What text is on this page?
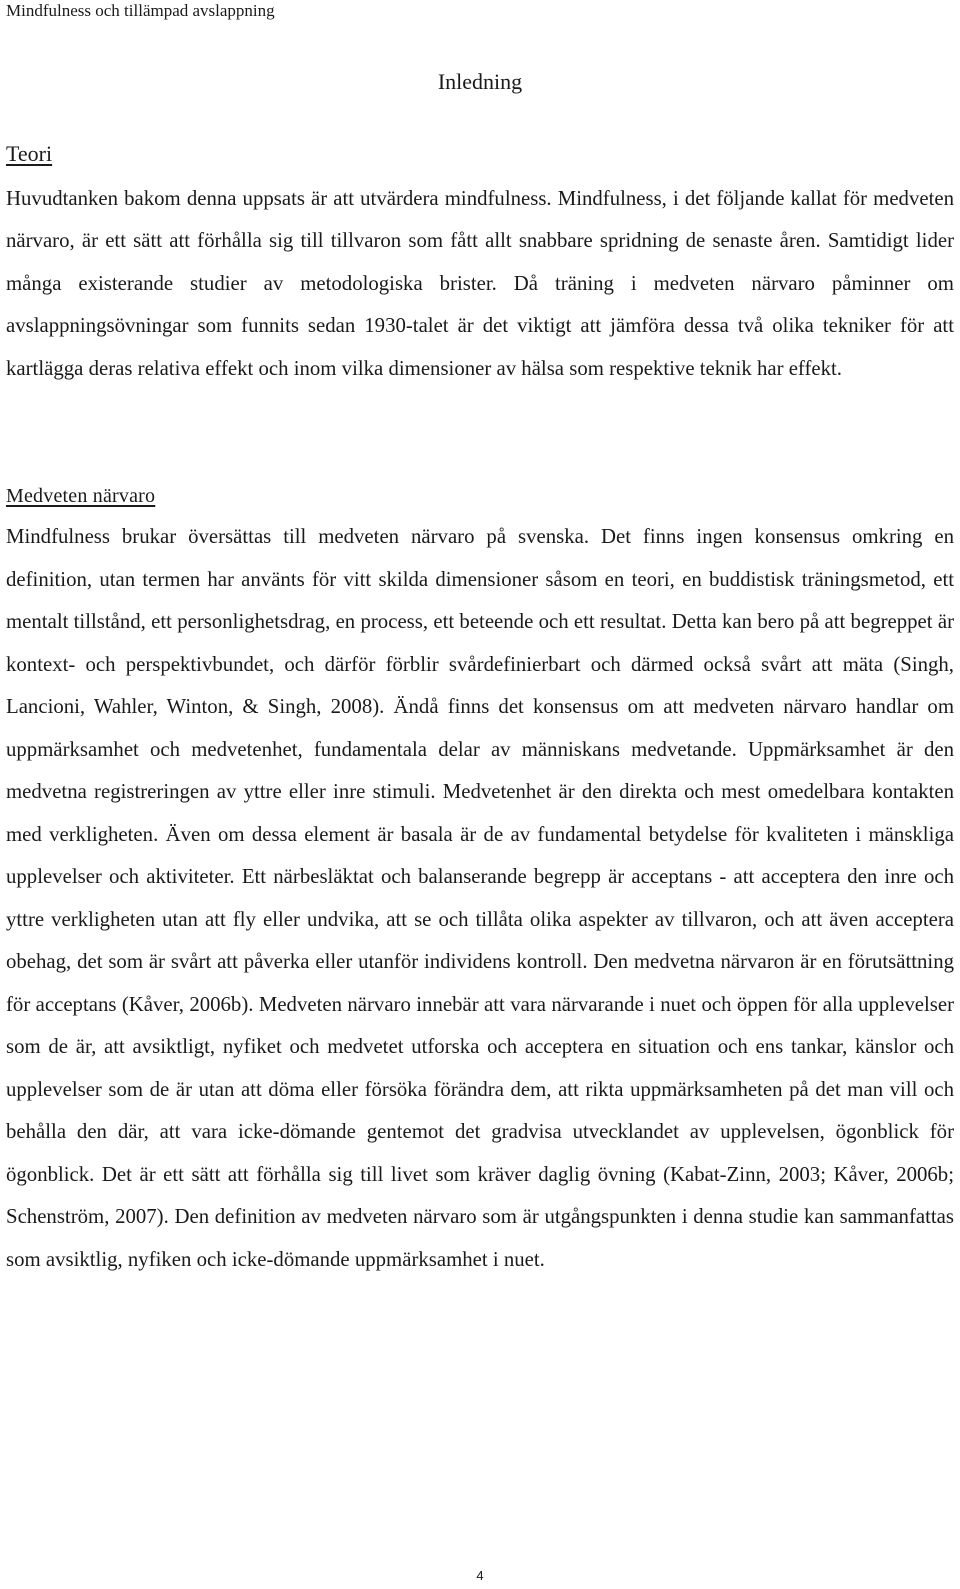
Mindfulness och tillämpad avslappning
Inledning
Teori

Huvudtanken bakom denna uppsats är att utvärdera mindfulness. Mindfulness, i det följande kallat för medveten närvaro, är ett sätt att förhålla sig till tillvaron som fått allt snabbare spridning de senaste åren. Samtidigt lider många existerande studier av metodologiska brister. Då träning i medveten närvaro påminner om avslappningsövningar som funnits sedan 1930-talet är det viktigt att jämföra dessa två olika tekniker för att kartlägga deras relativa effekt och inom vilka dimensioner av hälsa som respektive teknik har effekt.

Medveten närvaro

Mindfulness brukar översättas till medveten närvaro på svenska. Det finns ingen konsensus omkring en definition, utan termen har använts för vitt skilda dimensioner såsom en teori, en buddistisk träningsmetod, ett mentalt tillstånd, ett personlighetsdrag, en process, ett beteende och ett resultat. Detta kan bero på att begreppet är kontext- och perspektivbundet, och därför förblir svårdefinierbart och därmed också svårt att mäta (Singh, Lancioni, Wahler, Winton, & Singh, 2008). Ändå finns det konsensus om att medveten närvaro handlar om uppmärksamhet och medvetenhet, fundamentala delar av människans medvetande. Uppmärksamhet är den medvetna registreringen av yttre eller inre stimuli. Medvetenhet är den direkta och mest omedelbara kontakten med verkligheten. Även om dessa element är basala är de av fundamental betydelse för kvaliteten i mänskliga upplevelser och aktiviteter. Ett närbesläktat och balanserande begrepp är acceptans - att acceptera den inre och yttre verkligheten utan att fly eller undvika, att se och tillåta olika aspekter av tillvaron, och att även acceptera obehag, det som är svårt att påverka eller utanför individens kontroll. Den medvetna närvaron är en förutsättning för acceptans (Kåver, 2006b). Medveten närvaro innebär att vara närvarande i nuet och öppen för alla upplevelser som de är, att avsiktligt, nyfiket och medvetet utforska och acceptera en situation och ens tankar, känslor och upplevelser som de är utan att döma eller försöka förändra dem, att rikta uppmärksamheten på det man vill och behålla den där, att vara icke-dömande gentemot det gradvisa utvecklandet av upplevelsen, ögonblick för ögonblick. Det är ett sätt att förhålla sig till livet som kräver daglig övning (Kabat-Zinn, 2003; Kåver, 2006b; Schenström, 2007). Den definition av medveten närvaro som är utgångspunkten i denna studie kan sammanfattas som avsiktlig, nyfiken och icke-dömande uppmärksamhet i nuet.

4
